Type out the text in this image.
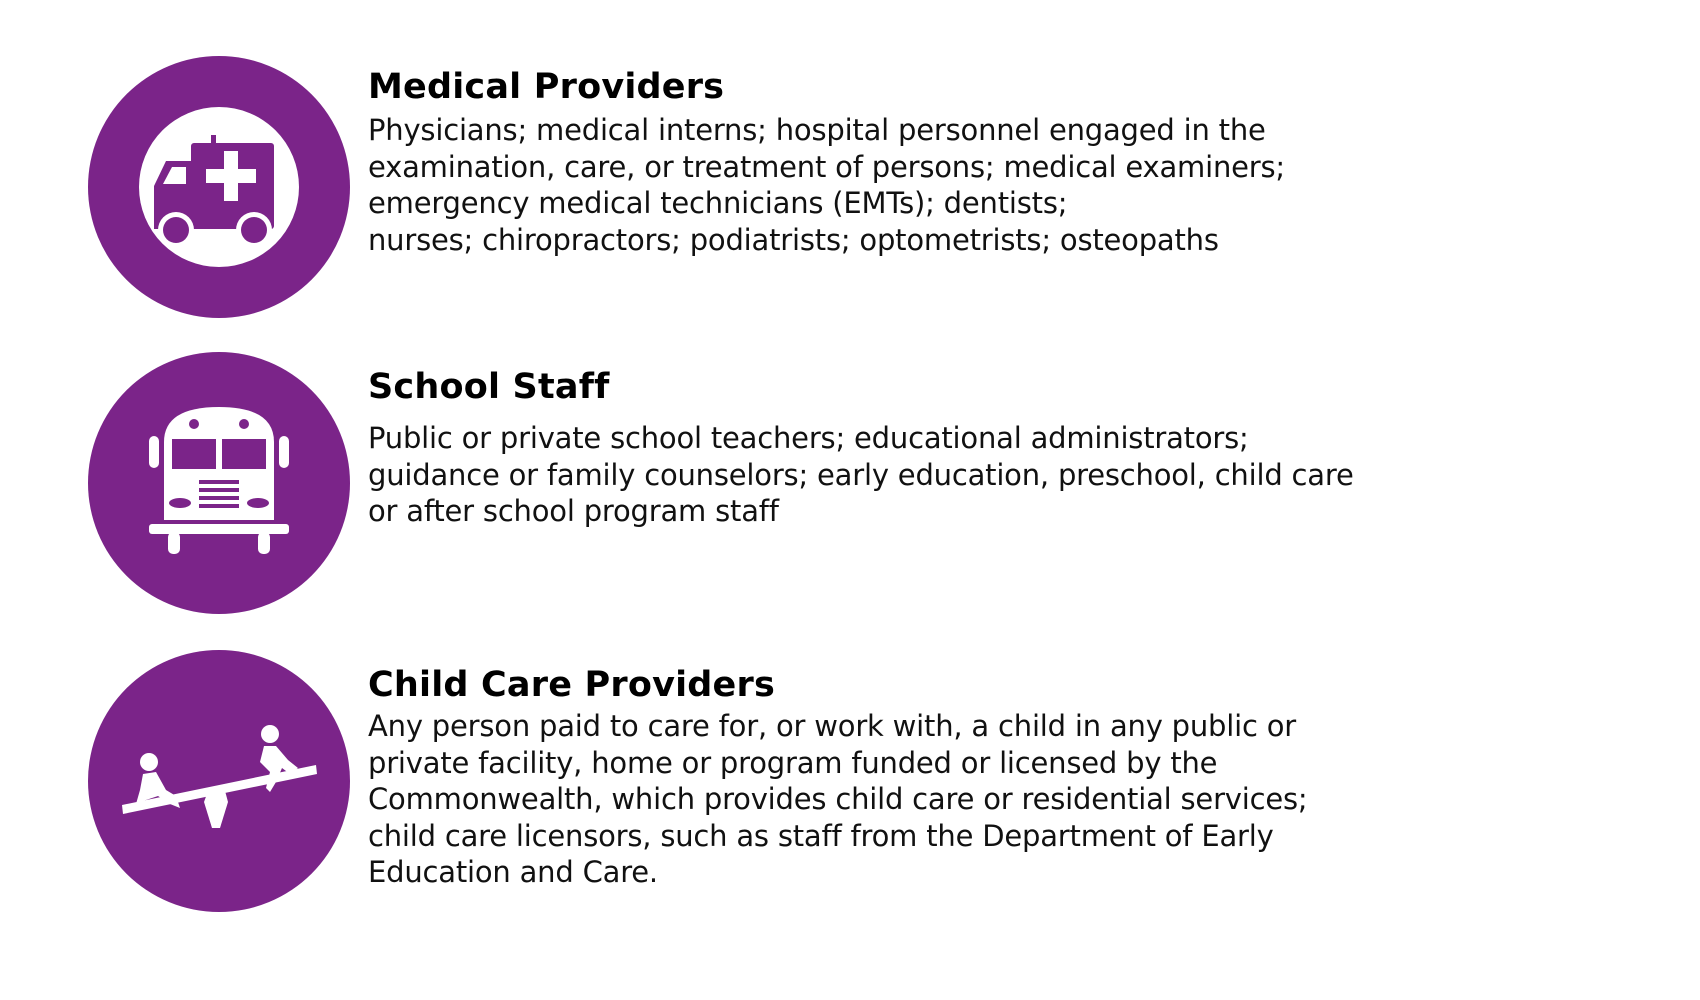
Medical Providers

Physicians; medical interns; hospital personnel engaged in the
examination, care, or treatment of persons; medical examiners;
emergency medical technicians (EMTs); dentists;
nurses; chiropractors; podiatrists; optometrists; osteopaths

School Staff

Public or private school teachers; educational administrators;
guidance or family counselors; early education, preschool, child care
or after school program staff

Child Care Providers

Any person paid to care for, or work with, a child in any public or
private facility, home or program funded or licensed by the
Commonwealth, which provides child care or residential services;
child care licensors, such as staff from the Department of Early
Education and Care.
